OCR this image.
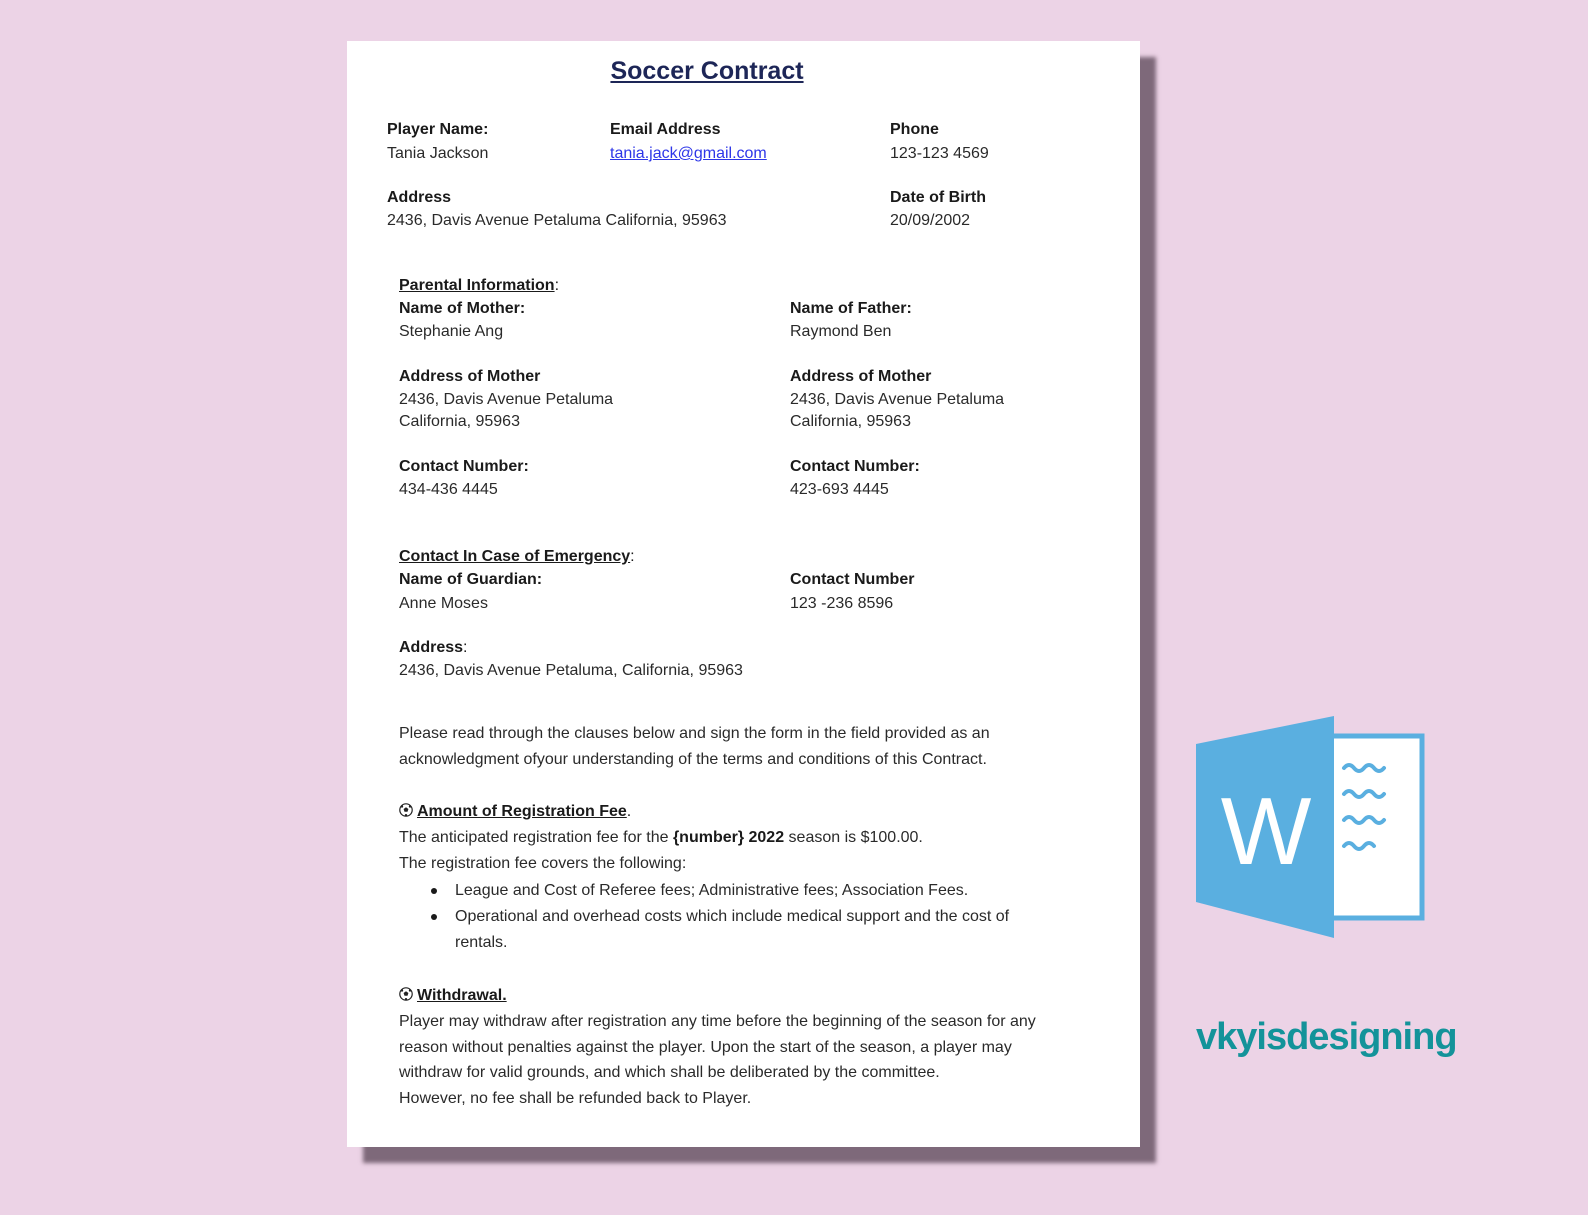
Soccer Contract
Player Name:
Tania Jackson
Email Address
tania.jack@gmail.com
Phone
123-123 4569
Address
2436, Davis Avenue Petaluma California, 95963
Date of Birth
20/09/2002
Parental Information:
Name of Mother:
Stephanie Ang
Name of Father:
Raymond Ben
Address of Mother
2436, Davis Avenue Petaluma
California, 95963
Address of Mother
2436, Davis Avenue Petaluma
California, 95963
Contact Number:
434-436 4445
Contact Number:
423-693 4445
Contact In Case of Emergency:
Name of Guardian:
Anne Moses
Contact Number
123 -236 8596
Address:
2436, Davis Avenue Petaluma, California, 95963
Please read through the clauses below and sign the form in the field provided as an
acknowledgment ofyour understanding of the terms and conditions of this Contract.
Amount of Registration Fee.
The anticipated registration fee for the {number} 2022 season is $100.00.
The registration fee covers the following:
League and Cost of Referee fees; Administrative fees; Association Fees.
Operational and overhead costs which include medical support and the cost of
rentals.
Withdrawal.
Player may withdraw after registration any time before the beginning of the season for any
reason without penalties against the player. Upon the start of the season, a player may
withdraw for valid grounds, and which shall be deliberated by the committee.
However, no fee shall be refunded back to Player.
W
vkyisdesigning
